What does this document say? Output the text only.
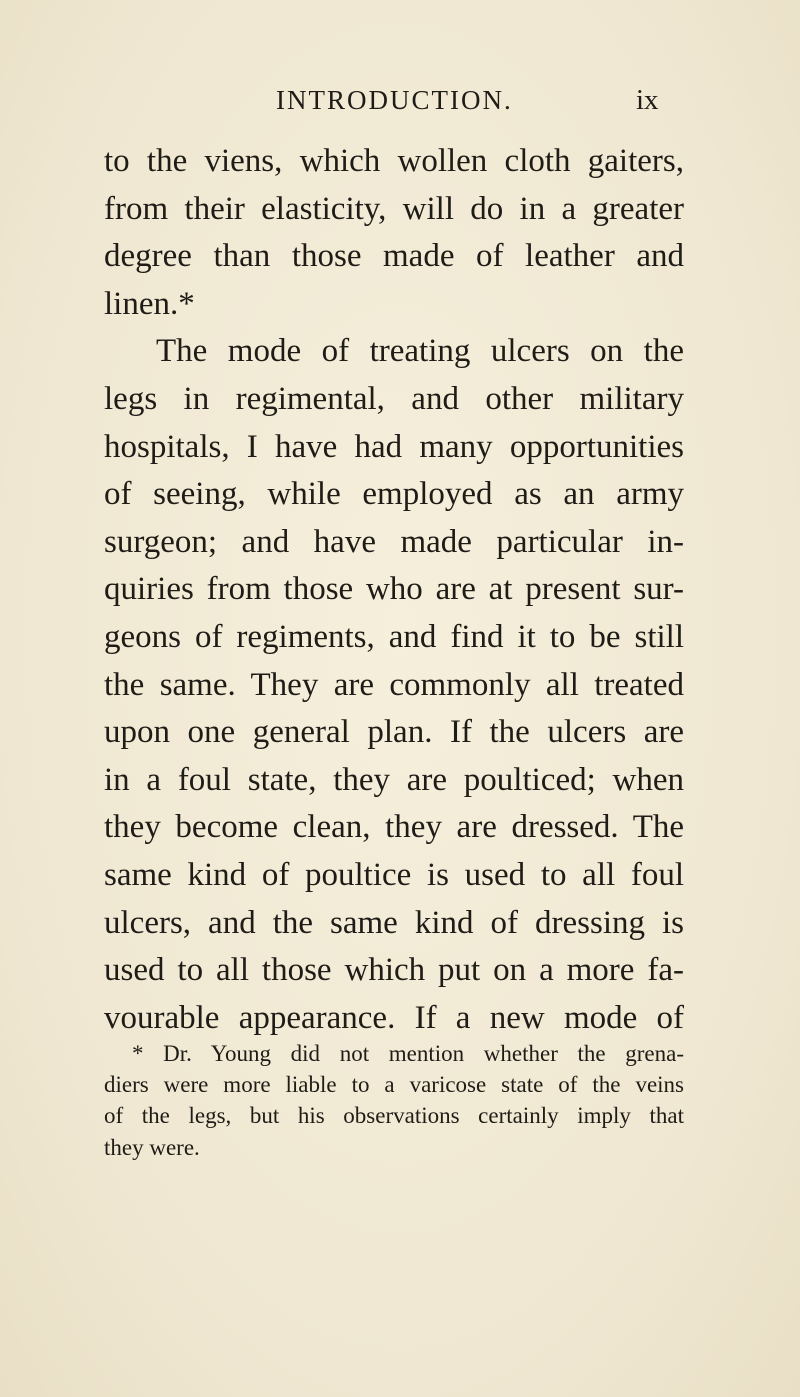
INTRODUCTION.	ix
to the viens, which wollen cloth gaiters,
from their elasticity, will do in a greater
degree than those made of leather and
linen.*
The mode of treating ulcers on the
legs in regimental, and other military
hospitals, I have had many opportunities
of seeing, while employed as an army
surgeon; and have made particular in-
quiries from those who are at present sur-
geons of regiments, and find it to be still
the same. They are commonly all treated
upon one general plan. If the ulcers are
in a foul state, they are poulticed; when
they become clean, they are dressed. The
same kind of poultice is used to all foul
ulcers, and the same kind of dressing is
used to all those which put on a more fa-
vourable appearance. If a new mode of
* Dr. Young did not mention whether the grena-
diers were more liable to a varicose state of the veins
of the legs, but his observations certainly imply that
they were.
